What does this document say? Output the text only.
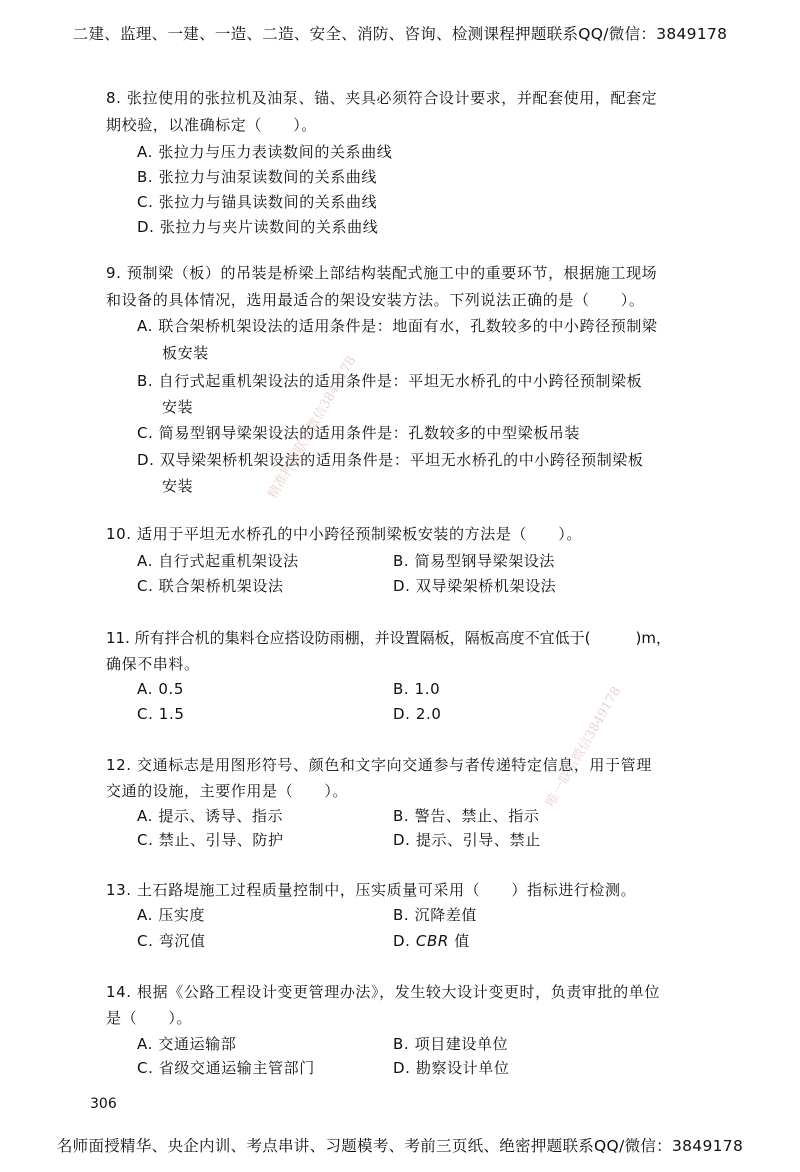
二建、监理、一建、一造、二造、安全、消防、咨询、检测课程押题联系QQ/微信：3849178
8. 张拉使用的张拉机及油泵、锚、夹具必须符合设计要求，并配套使用，配套定
期校验，以准确标定（　　）。
A. 张拉力与压力表读数间的关系曲线
B. 张拉力与油泵读数间的关系曲线
C. 张拉力与锚具读数间的关系曲线
D. 张拉力与夹片读数间的关系曲线
9. 预制梁（板）的吊装是桥梁上部结构装配式施工中的重要环节，根据施工现场
和设备的具体情况，选用最适合的架设安装方法。下列说法正确的是（　　）。
A. 联合架桥机架设法的适用条件是：地面有水，孔数较多的中小跨径预制梁
板安装
B. 自行式起重机架设法的适用条件是：平坦无水桥孔的中小跨径预制梁板
安装
C. 简易型钢导梁架设法的适用条件是：孔数较多的中型梁板吊装
D. 双导梁架桥机架设法的适用条件是：平坦无水桥孔的中小跨径预制梁板
安装
10. 适用于平坦无水桥孔的中小跨径预制梁板安装的方法是（　　）。
A. 自行式起重机架设法	B. 简易型钢导梁架设法
C. 联合架桥机架设法	D. 双导梁架桥机架设法
11. 所有拌合机的集料仓应搭设防雨棚，并设置隔板，隔板高度不宜低于(　　　)m，
确保不串料。
A. 0.5	B. 1.0
C. 1.5	D. 2.0
12. 交通标志是用图形符号、颜色和文字向交通参与者传递特定信息，用于管理
交通的设施，主要作用是（　　）。
A. 提示、诱导、指示	B. 警告、禁止、指示
C. 禁止、引导、防护	D. 提示、引导、禁止
13. 土石路堤施工过程质量控制中，压实质量可采用（　　）指标进行检测。
A. 压实度	B. 沉降差值
C. 弯沉值	D. CBR 值
14. 根据《公路工程设计变更管理办法》，发生较大设计变更时，负责审批的单位
是（　　）。
A. 交通运输部	B. 项目建设单位
C. 省级交通运输主管部门	D. 勘察设计单位
306
名师面授精华、央企内训、考点串讲、习题模考、考前三页纸、绝密押题联系QQ/微信：3849178
精准押题联系微信3849178
唯一联系微信3849178
